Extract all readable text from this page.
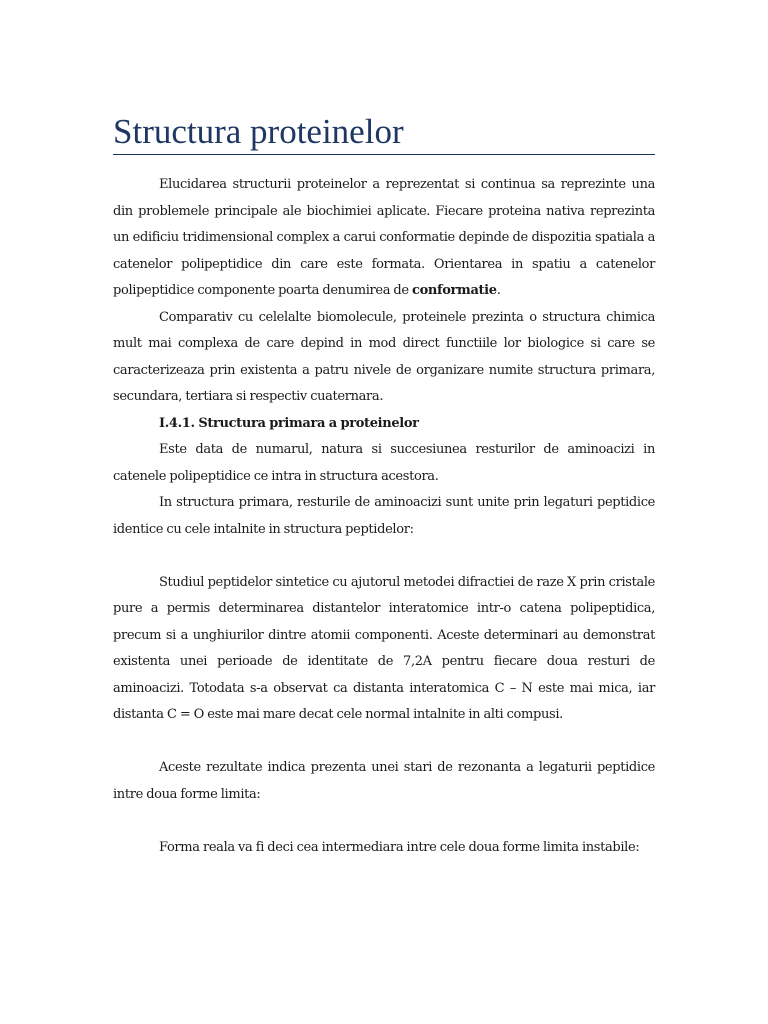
Structura proteinelor

Elucidarea structurii proteinelor a reprezentat si continua sa reprezinte una din problemele principale ale biochimiei aplicate. Fiecare proteina nativa reprezinta un edificiu tridimensional complex a carui conformatie depinde de dispozitia spatiala a catenelor polipeptidice din care este formata. Orientarea in spatiu a catenelor polipeptidice componente poarta denumirea de conformatie.

Comparativ cu celelalte biomolecule, proteinele prezinta o structura chimica mult mai complexa de care depind in mod direct functiile lor biologice si care se caracterizeaza prin existenta a patru nivele de organizare numite structura primara, secundara, tertiara si respectiv cuaternara.

I.4.1. Structura primara a proteinelor

Este data de numarul, natura si succesiunea resturilor de aminoacizi in catenele polipeptidice ce intra in structura acestora.

In structura primara, resturile de aminoacizi sunt unite prin legaturi peptidice identice cu cele intalnite in structura peptidelor:

Studiul peptidelor sintetice cu ajutorul metodei difractiei de raze X prin cristale pure a permis determinarea distantelor interatomice intr-o catena polipeptidica, precum si a unghiurilor dintre atomii componenti. Aceste determinari au demonstrat existenta unei perioade de identitate de 7,2A pentru fiecare doua resturi de aminoacizi. Totodata s-a observat ca distanta interatomica C – N este mai mica, iar distanta C = O este mai mare decat cele normal intalnite in alti compusi.

Aceste rezultate indica prezenta unei stari de rezonanta a legaturii peptidice intre doua forme limita:

Forma reala va fi deci cea intermediara intre cele doua forme limita instabile:
